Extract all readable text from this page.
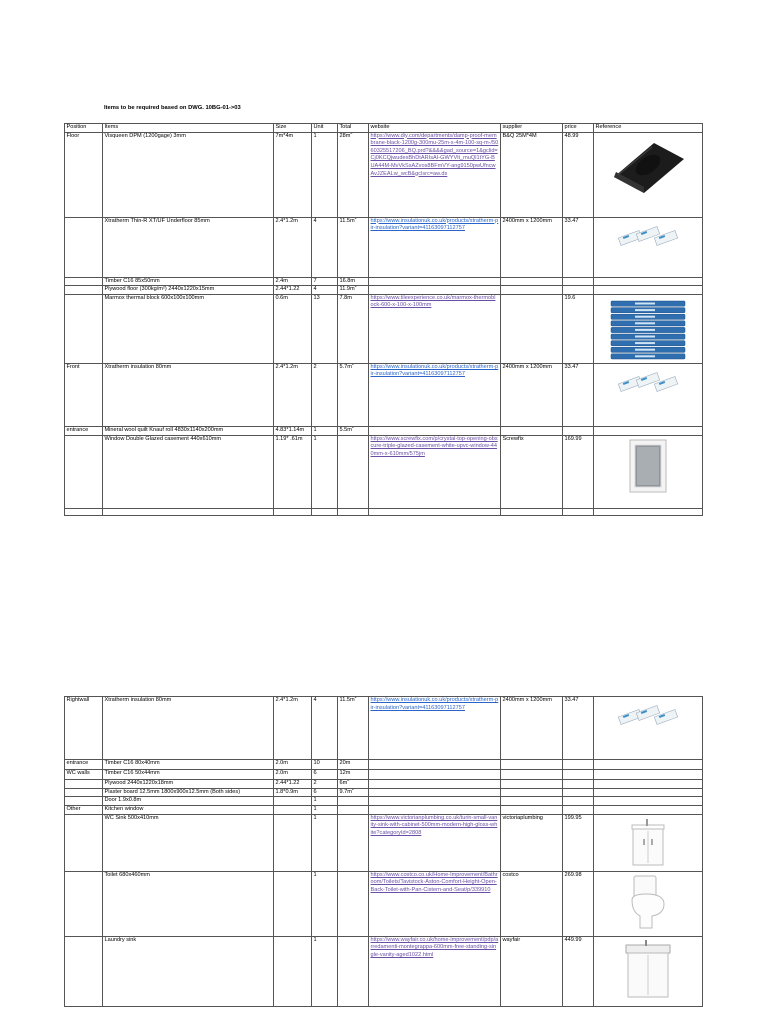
Items to be required based on DWG. 10BG-01->03
Position	Items	Size	Unit	Total	website	supplier	price	Reference
Floor	Visqueen DPM (1200gage) 3mm	7m*4m	1	$28m^2$	https://www.diy.com/departments/damp-proof-membrane-black-1200g-300mu-25m-x-4m-100-sq-m-/5060325517206_BQ.prd?&&&&gad_source=1&gclid=Cj0KCQjwudexBhDtARIsAI-GWYVlt_muQl1tYG-BUA44M-MvVkSsAZvos8BFmVY-ang9150pwUfncwAvJZEALw_wcB&gclsrc=aw.ds	B&Q 25M*4M	48.99	

	Xtratherm Thin-R XT/UF Underfloor 85mm	2.4*1.2m	4	$11.5m^2$	https://www.insulationuk.co.uk/products/xtratherm-pir-insulation?variant=41163097112757	2400mm x 1200mm	33.47	

	Timber C16 85x50mm	2.4m	7	16.8m				
	Plywood floor (300kg/m²) 2440x1220x15mm	2.44*1.22	4	$11.9m^2$				
	Marmox thermal block 600x100x100mm	0.6m	13	7.8m	https://www.tileexperience.co.uk/marmox-thermoblock-600-x-100-x-100mm		19.6	

Front	Xtratherm insulation 80mm	2.4*1.2m	2	$5.7m^2$	https://www.insulationuk.co.uk/products/xtratherm-pir-insulation?variant=41163097112757	2400mm x 1200mm	33.47	

entrance	Mineral wool quilt Knauf roll 4830x1140x200mm	4.83*1.14m	1	$5.5m^2$				
	Window Double Glazed casement 440x610mm	1.19* .61m	1		https://www.screwfix.com/p/crystal-top-opening-obscure-triple-glazed-casement-white-upvc-window-440mm-x-610mm/575jm	Screwfix	169.99	

Rightwall	Xtratherm insulation 80mm	2.4*1.2m	4	$11.5m^2$	https://www.insulationuk.co.uk/products/xtratherm-pir-insulation?variant=41163097112757	2400mm x 1200mm	33.47	

entrance	Timber C16 80x40mm	2.0m	10	20m				
WC walls	Timber C16 50x44mm	2.0m	6	12m				
	Plywood 2440x1220x18mm	2.44*1.22	2	$6m^2$				
	Plaster board 12.5mm 1800x900x12.5mm (Both sides)	1.8*0.9m	6	$9.7m^2$				
	Door 1.9x0.8m		1					
Other	Kitchen window		1					
	WC Sink 500x410mm		1		https://www.victorianplumbing.co.uk/turin-small-vanity-sink-with-cabinet-500mm-modern-high-gloss-white?categoryId=2808	victoriaplumbing	199.95	

	Toilet 680x460mm		1		https://www.costco.co.uk/Home-Improvement/Bathroom/Toilets/Tavistock-Aston-Comfort-Height-Open-Back-Toilet-with-Pan-Cistern-and-Seat/p/339910	costco	269.98	

	Laundry sink		1		https://www.wayfair.co.uk/home-improvement/pdp/arredamenti-montegrappa-600mm-free-standing-single-vanity-aged1022.html	wayfair	449.99	
